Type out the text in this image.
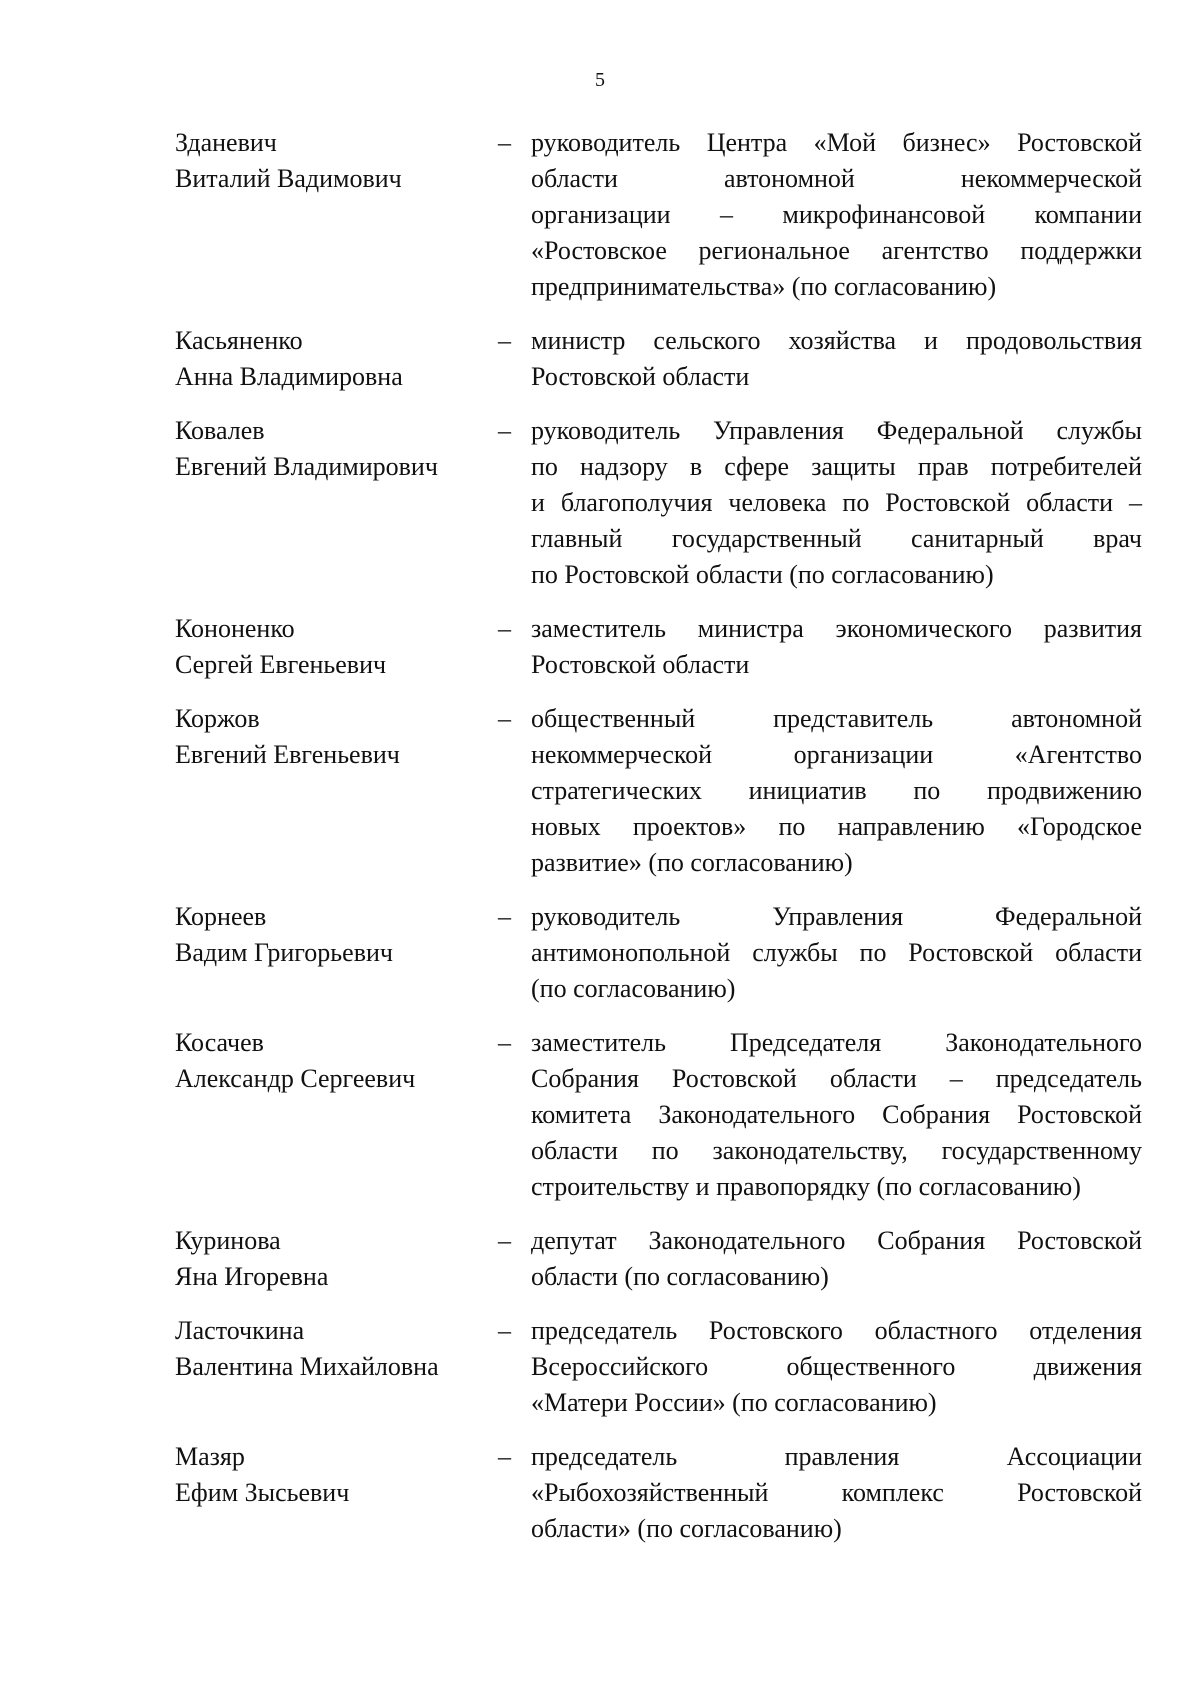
5
Зданевич
Виталий Вадимович
– руководитель Центра «Мой бизнес» Ростовской
области автономной некоммерческой
организации – микрофинансовой компании
«Ростовское региональное агентство поддержки
предпринимательства» (по согласованию)
Касьяненко
Анна Владимировна
– министр сельского хозяйства и продовольствия
Ростовской области
Ковалев
Евгений Владимирович
– руководитель Управления Федеральной службы
по надзору в сфере защиты прав потребителей
и благополучия человека по Ростовской области –
главный государственный санитарный врач
по Ростовской области (по согласованию)
Кононенко
Сергей Евгеньевич
– заместитель министра экономического развития
Ростовской области
Коржов
Евгений Евгеньевич
– общественный представитель автономной
некоммерческой организации «Агентство
стратегических инициатив по продвижению
новых проектов» по направлению «Городское
развитие» (по согласованию)
Корнеев
Вадим Григорьевич
– руководитель Управления Федеральной
антимонопольной службы по Ростовской области
(по согласованию)
Косачев
Александр Сергеевич
– заместитель Председателя Законодательного
Собрания Ростовской области – председатель
комитета Законодательного Собрания Ростовской
области по законодательству, государственному
строительству и правопорядку (по согласованию)
Куринова
Яна Игоревна
– депутат Законодательного Собрания Ростовской
области (по согласованию)
Ласточкина
Валентина Михайловна
– председатель Ростовского областного отделения
Всероссийского общественного движения
«Матери России» (по согласованию)
Мазяр
Ефим Зысьевич
– председатель правления Ассоциации
«Рыбохозяйственный комплекс Ростовской
области» (по согласованию)
